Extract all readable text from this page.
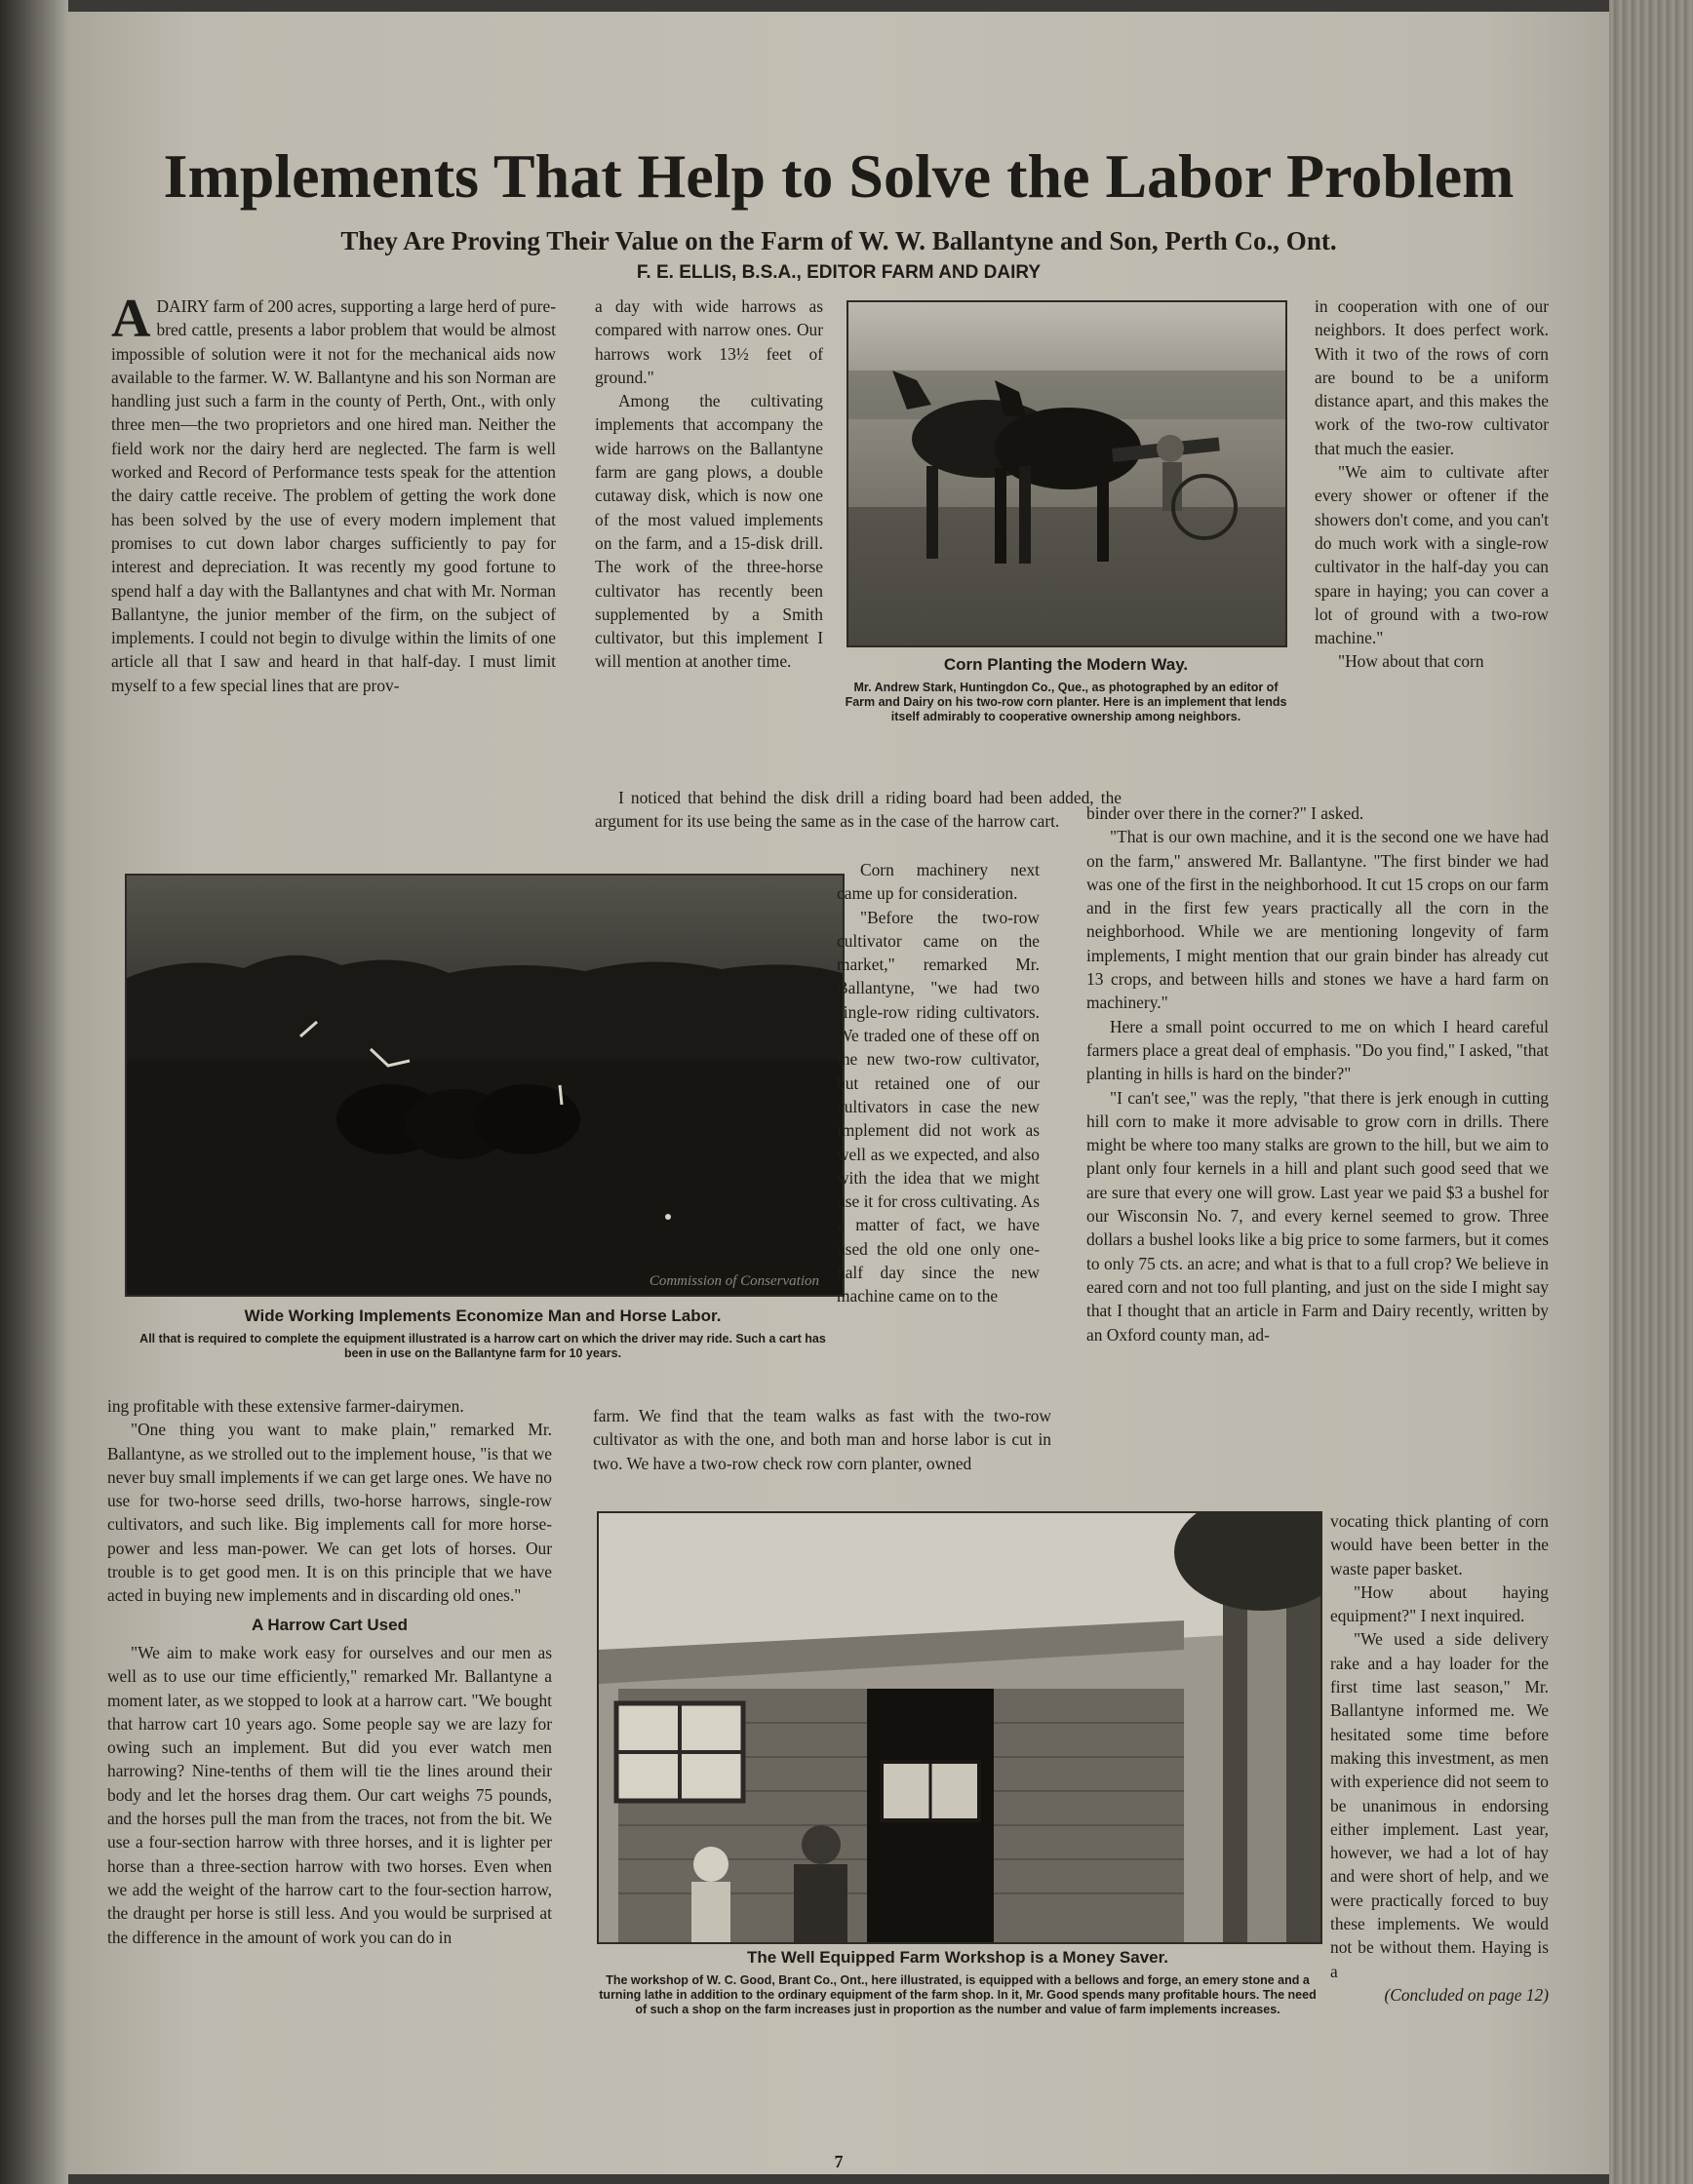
Implements That Help to Solve the Labor Problem
They Are Proving Their Value on the Farm of W. W. Ballantyne and Son, Perth Co., Ont.
F. E. ELLIS, B.S.A., EDITOR FARM AND DAIRY

ADAIRY farm of 200 acres, supporting a large herd of pure-bred cattle, presents a labor problem that would be almost impossible of solution were it not for the mechanical aids now available to the farmer. W. W. Ballantyne and his son Norman are handling just such a farm in the county of Perth, Ont., with only three men—the two proprietors and one hired man. Neither the field work nor the dairy herd are neglected. The farm is well worked and Record of Performance tests speak for the attention the dairy cattle receive. The problem of getting the work done has been solved by the use of every modern implement that promises to cut down labor charges sufficiently to pay for interest and depreciation. It was recently my good fortune to spend half a day with the Ballantynes and chat with Mr. Norman Ballantyne, the junior member of the firm, on the subject of implements. I could not begin to divulge within the limits of one article all that I saw and heard in that half-day. I must limit myself to a few special lines that are prov-

a day with wide harrows as compared with narrow ones. Our harrows work 13½ feet of ground."

Among the cultivating implements that accompany the wide harrows on the Ballantyne farm are gang plows, a double cutaway disk, which is now one of the most valued implements on the farm, and a 15-disk drill. The work of the three-horse cultivator has recently been supplemented by a Smith cultivator, but this implement I will mention at another time.	Corn Planting the Modern Way.
Mr. Andrew Stark, Huntingdon Co., Que., as photographed by an editor of Farm and Dairy on his two-row corn planter. Here is an implement that lends itself admirably to cooperative ownership among neighbors.

in cooperation with one of our neighbors. It does perfect work. With it two of the rows of corn are bound to be a uniform distance apart, and this makes the work of the two-row cultivator that much the easier.

"We aim to cultivate after every shower or oftener if the showers don't come, and you can't do much work with a single-row cultivator in the half-day you can spare in haying; you can cover a lot of ground with a two-row machine."

"How about that corn

I noticed that behind the disk drill a riding board had been added, the argument for its use being the same as in the case of the harrow cart.	binder over there in the corner?" I asked.

"That is our own machine, and it is the second one we have had on the farm," answered Mr. Ballantyne. "The first binder we had was one of the first in the neighborhood. It cut 15 crops on our farm and in the first few years practically all the corn in the neighborhood. While we are mentioning longevity of farm implements, I might mention that our grain binder has already cut 13 crops, and between hills and stones we have a hard farm on machinery."

Here a small point occurred to me on which I heard careful farmers place a great deal of emphasis. "Do you find," I asked, "that planting in hills is hard on the binder?"

"I can't see," was the reply, "that there is jerk enough in cutting hill corn to make it more advisable to grow corn in drills. There might be where too many stalks are grown to the hill, but we aim to plant only four kernels in a hill and plant such good seed that we are sure that every one will grow. Last year we paid $3 a bushel for our Wisconsin No. 7, and every kernel seemed to grow. Three dollars a bushel looks like a big price to some farmers, but it comes to only 75 cts. an acre; and what is that to a full crop? We believe in eared corn and not too full planting, and just on the side I might say that I thought that an article in Farm and Dairy recently, written by an Oxford county man, ad-

Commission of Conservation
Wide Working Implements Economize Man and Horse Labor.
All that is required to complete the equipment illustrated is a harrow cart on which the driver may ride. Such a cart has been in use on the Ballantyne farm for 10 years.

Corn machinery next came up for consideration.

"Before the two-row cultivator came on the market," remarked Mr. Ballantyne, "we had two single-row riding cultivators. We traded one of these off on the new two-row cultivator, but retained one of our cultivators in case the new implement did not work as well as we expected, and also with the idea that we might use it for cross cultivating. As a matter of fact, we have used the old one only one-half day since the new machine came on to the

ing profitable with these extensive farmer-dairymen.

"One thing you want to make plain," remarked Mr. Ballantyne, as we strolled out to the implement house, "is that we never buy small implements if we can get large ones. We have no use for two-horse seed drills, two-horse harrows, single-row cultivators, and such like. Big implements call for more horse-power and less man-power. We can get lots of horses. Our trouble is to get good men. It is on this principle that we have acted in buying new implements and in discarding old ones."

A Harrow Cart Used

"We aim to make work easy for ourselves and our men as well as to use our time efficiently," remarked Mr. Ballantyne a moment later, as we stopped to look at a harrow cart. "We bought that harrow cart 10 years ago. Some people say we are lazy for owing such an implement. But did you ever watch men harrowing? Nine-tenths of them will tie the lines around their body and let the horses drag them. Our cart weighs 75 pounds, and the horses pull the man from the traces, not from the bit. We use a four-section harrow with three horses, and it is lighter per horse than a three-section harrow with two horses. Even when we add the weight of the harrow cart to the four-section harrow, the draught per horse is still less. And you would be surprised at the difference in the amount of work you can do in

farm. We find that the team walks as fast with the two-row cultivator as with the one, and both man and horse labor is cut in two. We have a two-row check row corn planter, owned

The Well Equipped Farm Workshop is a Money Saver.
The workshop of W. C. Good, Brant Co., Ont., here illustrated, is equipped with a bellows and forge, an emery stone and a turning lathe in addition to the ordinary equipment of the farm shop. In it, Mr. Good spends many profitable hours. The need of such a shop on the farm increases just in proportion as the number and value of farm implements increases.

vocating thick planting of corn would have been better in the waste paper basket.

"How about haying equipment?" I next inquired.

"We used a side delivery rake and a hay loader for the first time last season," Mr. Ballantyne informed me. We hesitated some time before making this investment, as men with experience did not seem to be unanimous in endorsing either implement. Last year, however, we had a lot of hay and were short of help, and we were practically forced to buy these implements. We would not be without them. Haying is a

(Concluded on page 12)

7
